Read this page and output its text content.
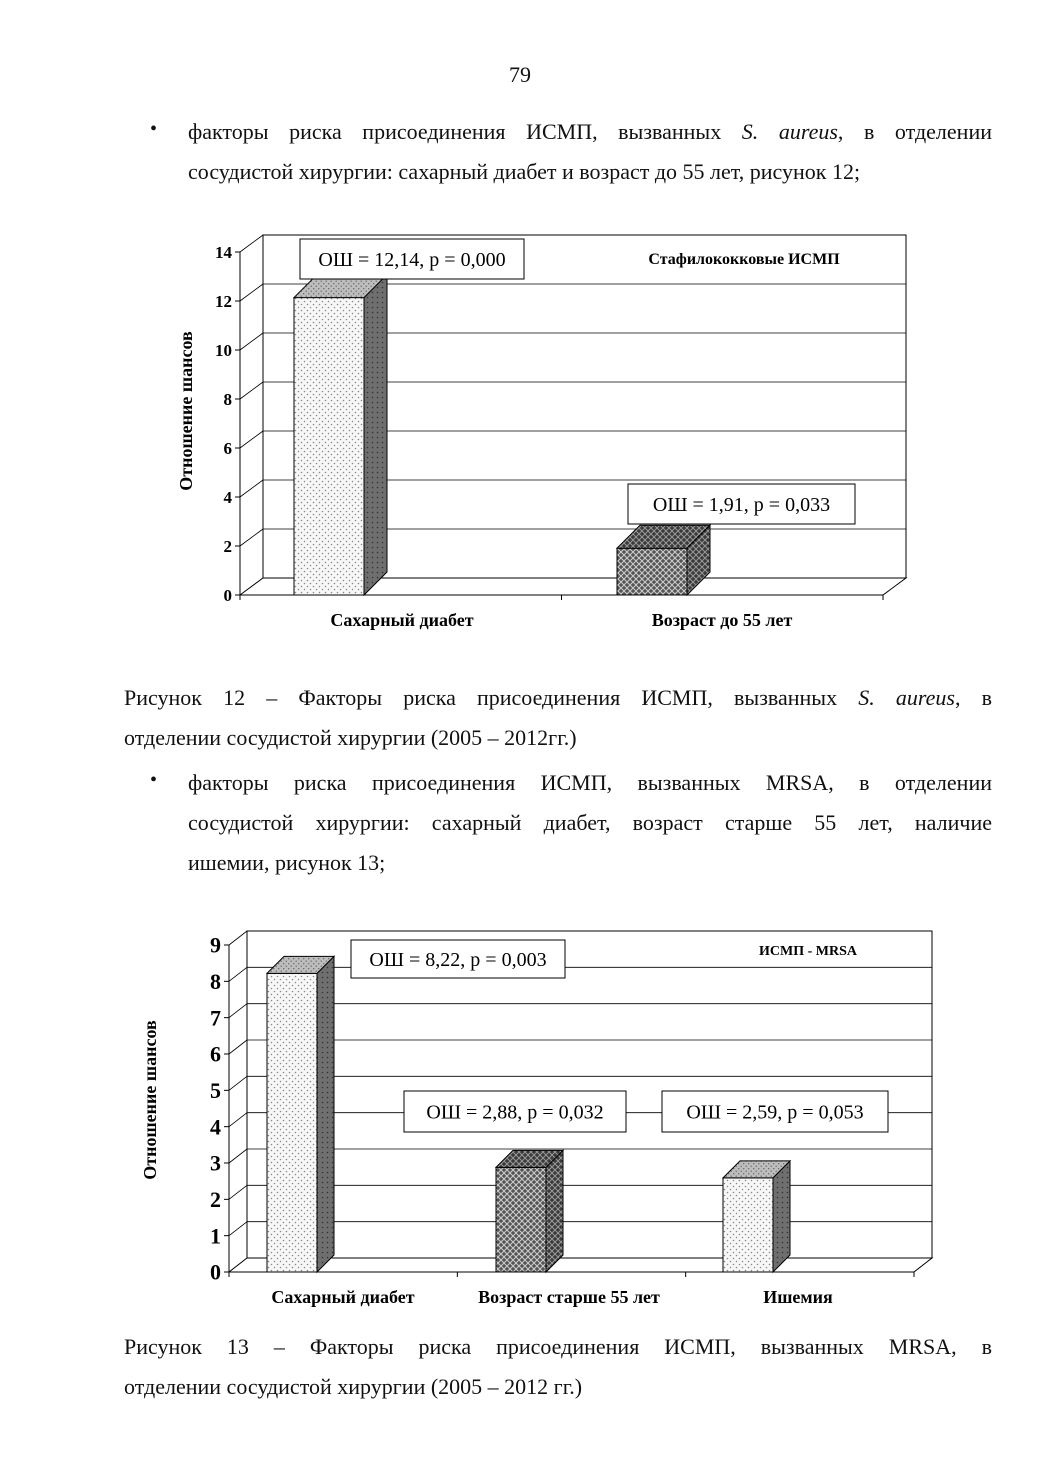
79
• факторы риска присоединения ИСМП, вызванных S. aureus, в отделении
сосудистой хирургии: сахарный диабет и возраст до 55 лет, рисунок 12;
0
2
4
6
8
10
12
14
Сахарный диабет	Возраст до 55 лет
ОШ = 12,14, р = 0,000
ОШ = 1,91, р = 0,033
Стафилококковые ИСМП
Отношение шансов
Рисунок 12 – Факторы риска присоединения ИСМП, вызванных S. aureus, в
отделении сосудистой хирургии (2005 – 2012гг.)
• факторы риска присоединения ИСМП, вызванных MRSA, в отделении
сосудистой хирургии: сахарный диабет, возраст старше 55 лет, наличие
ишемии, рисунок 13;
0
1
2
3
4
5
6
7
8
9
Сахарный диабет	Возраст старше 55 лет	Ишемия
ОШ = 8,22, р = 0,003
ОШ = 2,88, р = 0,032	ОШ = 2,59, р = 0,053
ИСМП - MRSA
Отношение шансов
Рисунок 13 – Факторы риска присоединения ИСМП, вызванных MRSA, в
отделении сосудистой хирургии (2005 – 2012 гг.)
